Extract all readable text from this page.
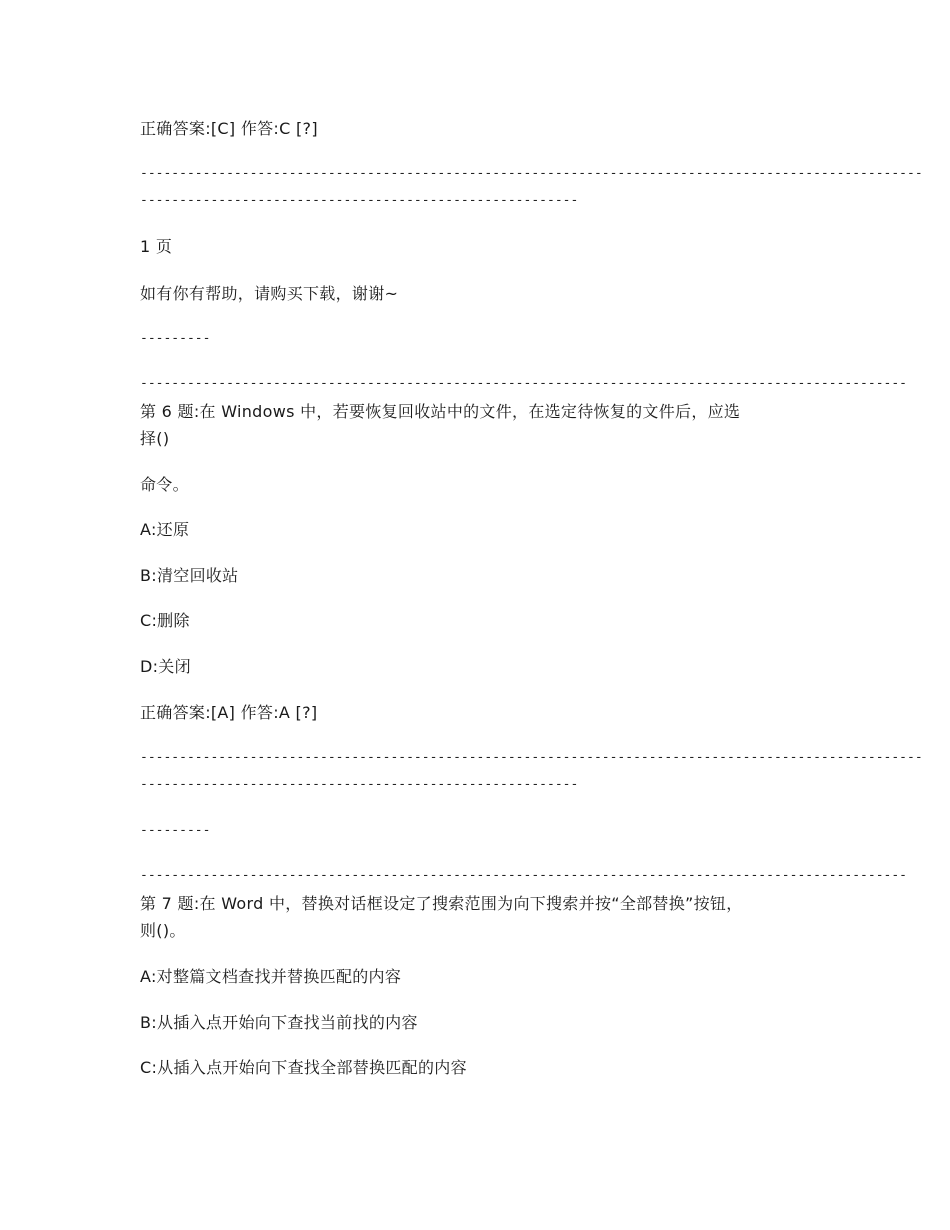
正确答案:[C] 作答:C [?]
----------------------------------------------------------------------------------------------------
--------------------------------------------------------
1 页
如有你有帮助，请购买下载，谢谢~
---------
--------------------------------------------------------------------------------------------------
第 6 题:在 Windows 中，若要恢复回收站中的文件，在选定待恢复的文件后，应选
择()
命令。
A:还原
B:清空回收站
C:删除
D:关闭
正确答案:[A] 作答:A [?]
----------------------------------------------------------------------------------------------------
--------------------------------------------------------
---------
--------------------------------------------------------------------------------------------------
第 7 题:在 Word 中，替换对话框设定了搜索范围为向下搜索并按“全部替换”按钮，
则()。
A:对整篇文档查找并替换匹配的内容
B:从插入点开始向下查找当前找的内容
C:从插入点开始向下查找全部替换匹配的内容
